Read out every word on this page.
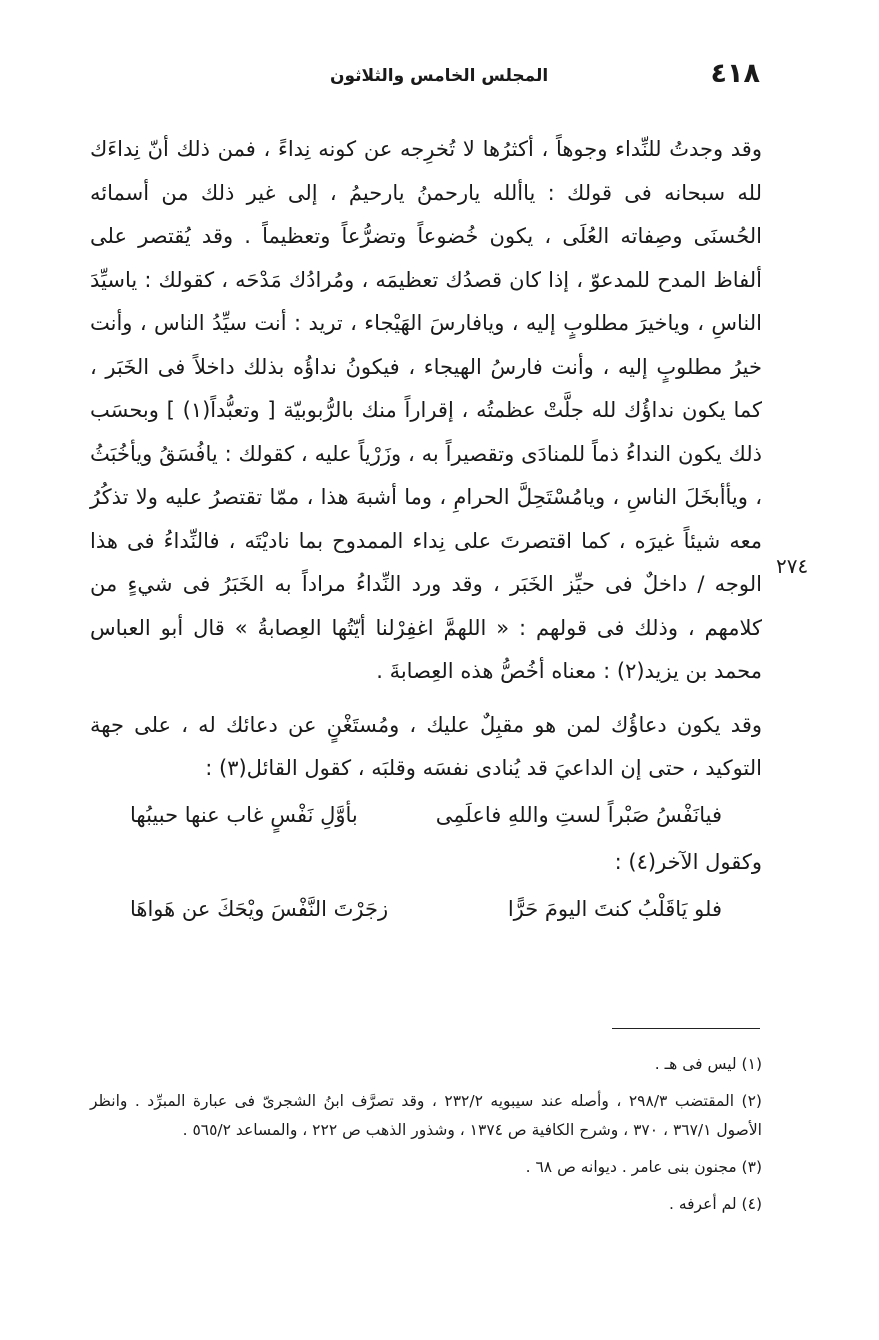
٤١٨
المجلس الخامس والثلاثون
٢٧٤

وقد وجدتُ للنِّداء وجوهاً ، أكثرُها لا تُخرِجه عن كونه نِداءً ، فمن ذلك أنّ نِداءَك لله سبحانه فى قولك : ياألله يارحمنُ يارحيمُ ، إلى غير ذلك من أسمائه الحُسنَى وصِفاته العُلَى ، يكون خُضوعاً وتضرُّعاً وتعظيماً . وقد يُقتصر على ألفاظ المدح للمدعوّ ، إذا كان قصدُك تعظيمَه ، ومُرادُك مَدْحَه ، كقولك : ياسيِّدَ الناسِ ، وياخيرَ مطلوبٍ إليه ، ويافارسَ الهَيْجاء ، تريد : أنت سيِّدُ الناس ، وأنت خيرُ مطلوبٍ إليه ، وأنت فارسُ الهيجاء ، فيكونُ نداؤُه بذلك داخلاً فى الخَبَر ، كما يكون نداؤُك لله جلَّتْ عظمتُه ، إقراراً منك بالرُّبوبيّة [ وتعبُّداً(١) ] وبحسَب ذلك يكون النداءُ ذماً للمنادَى وتقصيراً به ، وزَرْياً عليه ، كقولك : يافُسَقُ ويأخُبَثُ ، ويأأبخَلَ الناسِ ، ويامُسْتَحِلَّ الحرامِ ، وما أشبهَ هذا ، ممّا تقتصرُ عليه ولا تذكُرُ معه شيئاً غيرَه ، كما اقتصرتَ على نِداء الممدوح بما ناديْتَه ، فالنِّداءُ فى هذا الوجه / داخلٌ فى حيِّز الخَبَر ، وقد ورد النِّداءُ مراداً به الخَبَرُ فى شيءٍ من كلامهم ، وذلك فى قولهم : « اللهمَّ اغفِرْلنا أيّتُها العِصابةُ » قال أبو العباس محمد بن يزيد(٢) : معناه أخُصُّ هذه العِصابةَ .

وقد يكون دعاؤُك لمن هو مقبِلٌ عليك ، ومُستَغْنٍ عن دعائك له ، على جهة التوكيد ، حتى إن الداعيَ قد يُنادى نفسَه وقلبَه ، كقول القائل(٣) :

فيانَفْسُ صَبْراً لستِ واللهِ فاعلَمِى
بأوَّلِ نَفْسٍ غاب عنها حبيبُها

وكقول الآخر(٤) :

فلو يَاقَلْبُ كنتَ اليومَ حَرًّا
زجَرْتَ النَّفْسَ ويْحَكَ عن هَواهَا

(١) ليس فى هـ .

(٢) المقتضب ٢٩٨/٣ ، وأصله عند سيبويه ٢٣٢/٢ ، وقد تصرَّف ابنُ الشجرىّ فى عبارة المبرِّد . وانظر الأصول ٣٦٧/١ ، ٣٧٠ ، وشرح الكافية ص ١٣٧٤ ، وشذور الذهب ص ٢٢٢ ، والمساعد ٥٦٥/٢ .

(٣) مجنون بنى عامر . ديوانه ص ٦٨ .

(٤) لم أعرفه .
